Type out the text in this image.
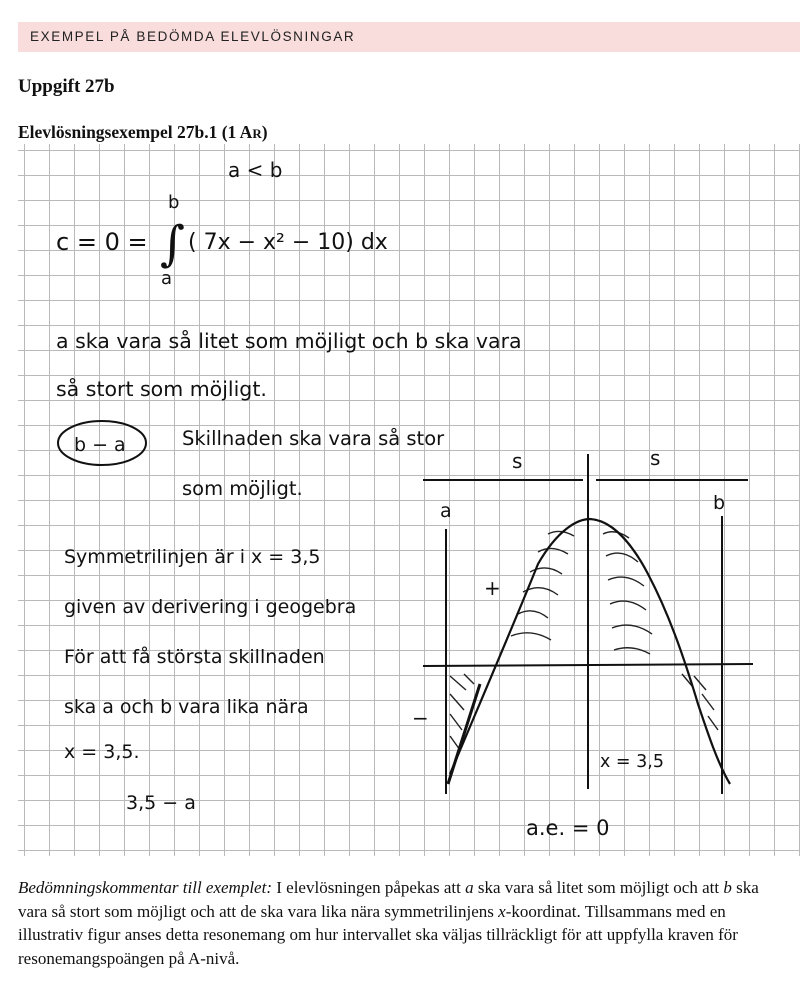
EXEMPEL PÅ BEDÖMDA ELEVLÖSNINGAR
Uppgift 27b
Elevlösningsexempel 27b.1 (1 AR)
a < b
b
c = 0 = ∫ ( 7x − x² − 10) dx
a
a ska vara så litet som möjligt och b ska vara
så stort som möjligt.
b − a	Skillnaden ska vara så stor
som möjligt.
Symmetrilinjen är i x = 3,5
given av derivering i geogebra
För att få största skillnaden
ska a och b vara lika nära
x = 3,5.
3,5 − a
a.e. = 0
s	s
a	b
+
−
x = 3,5
Bedömningskommentar till exemplet: I elevlösningen påpekas att a ska vara så litet som möjligt och att b ska vara så stort som möjligt och att de ska vara lika nära symmetrilinjens x-koordinat. Tillsammans med en illustrativ figur anses detta resonemang om hur intervallet ska väljas tillräckligt för att uppfylla kraven för resonemangspoängen på A-nivå.
